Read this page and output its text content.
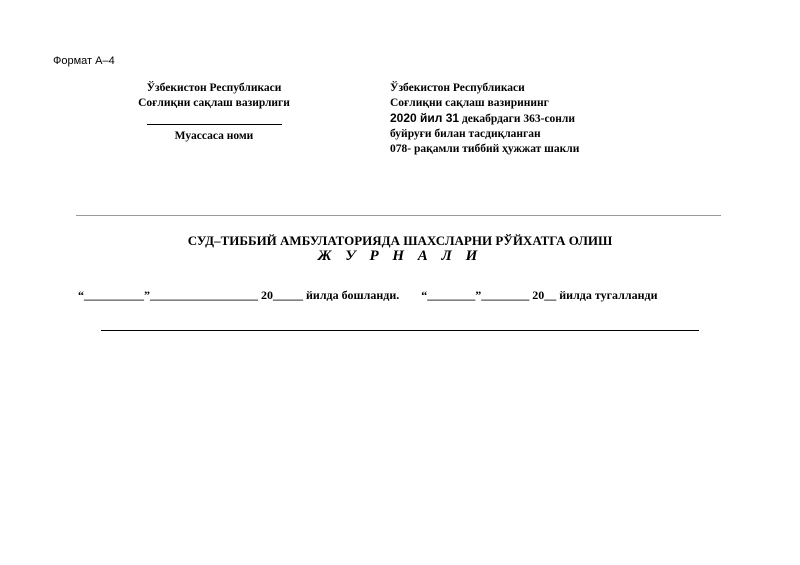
Формат А–4
Ўзбекистон Республикаси
Соғлиқни сақлаш вазирлиги
Муассаса номи
Ўзбекистон Республикаси
Соғлиқни сақлаш вазирининг
2020 йил 31 декабрдаги 363-сонли
буйруғи билан тасдиқланган
078- рақамли тиббий ҳужжат шакли
СУД–ТИББИЙ АМБУЛАТОРИЯДА ШАХСЛАРНИ РЎЙХАТГА ОЛИШ
Ж У Р Н А Л И
“__________”__________________ 20_____ йилда бошланди. “________”________ 20__ йилда тугалланди
